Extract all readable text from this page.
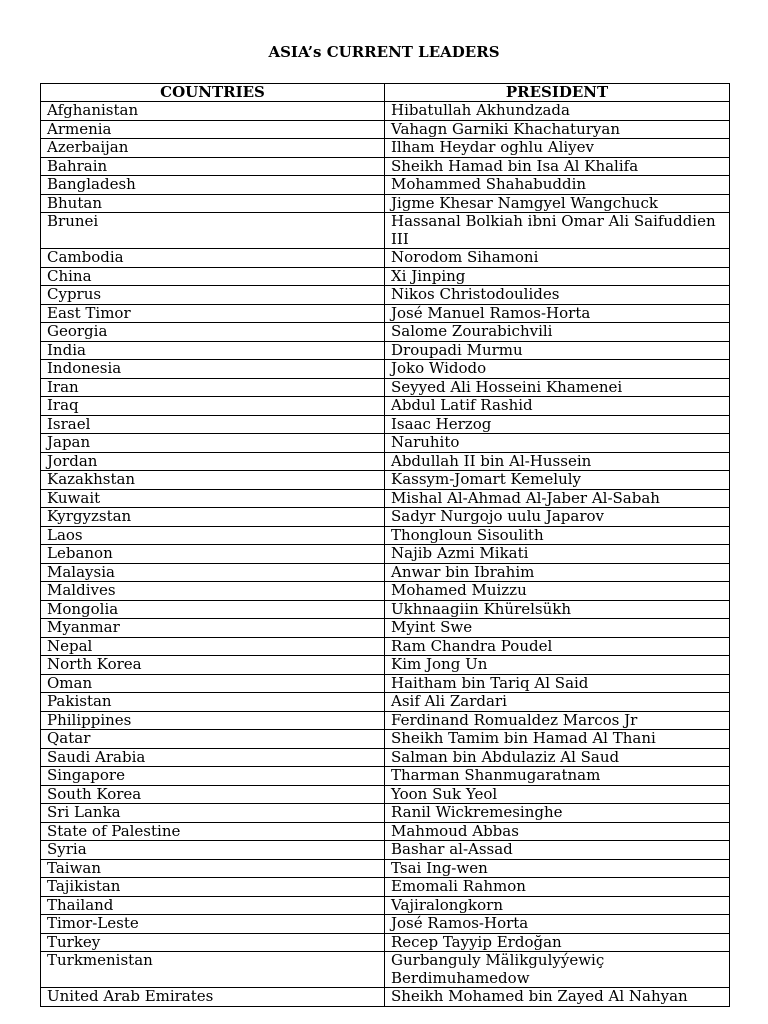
ASIA’s CURRENT LEADERS
COUNTRIES	PRESIDENT
Afghanistan	Hibatullah Akhundzada
Armenia	Vahagn Garniki Khachaturyan
Azerbaijan	Ilham Heydar oghlu Aliyev
Bahrain	Sheikh Hamad bin Isa Al Khalifa
Bangladesh	Mohammed Shahabuddin
Bhutan	Jigme Khesar Namgyel Wangchuck
Brunei	Hassanal Bolkiah ibni Omar Ali Saifuddien III
Cambodia	Norodom Sihamoni
China	Xi Jinping
Cyprus	Nikos Christodoulides
East Timor	José Manuel Ramos-Horta
Georgia	Salome Zourabichvili
India	Droupadi Murmu
Indonesia	Joko Widodo
Iran	Seyyed Ali Hosseini Khamenei
Iraq	Abdul Latif Rashid
Israel	Isaac Herzog
Japan	Naruhito
Jordan	Abdullah II bin Al-Hussein
Kazakhstan	Kassym-Jomart Kemeluly
Kuwait	Mishal Al-Ahmad Al-Jaber Al-Sabah
Kyrgyzstan	Sadyr Nurgojo uulu Japarov
Laos	Thongloun Sisoulith
Lebanon	Najib Azmi Mikati
Malaysia	Anwar bin Ibrahim
Maldives	Mohamed Muizzu
Mongolia	Ukhnaagiin Khürelsükh
Myanmar	Myint Swe
Nepal	Ram Chandra Poudel
North Korea	Kim Jong Un
Oman	Haitham bin Tariq Al Said
Pakistan	Asif Ali Zardari
Philippines	Ferdinand Romualdez Marcos Jr
Qatar	Sheikh Tamim bin Hamad Al Thani
Saudi Arabia	Salman bin Abdulaziz Al Saud
Singapore	Tharman Shanmugaratnam
South Korea	Yoon Suk Yeol
Sri Lanka	Ranil Wickremesinghe
State of Palestine	Mahmoud Abbas
Syria	Bashar al-Assad
Taiwan	Tsai Ing-wen
Tajikistan	Emomali Rahmon
Thailand	Vajiralongkorn
Timor-Leste	José Ramos-Horta
Turkey	Recep Tayyip Erdoğan
Turkmenistan	Gurbanguly Mälikgulyýewiç Berdimuhamedow
United Arab Emirates	Sheikh Mohamed bin Zayed Al Nahyan
